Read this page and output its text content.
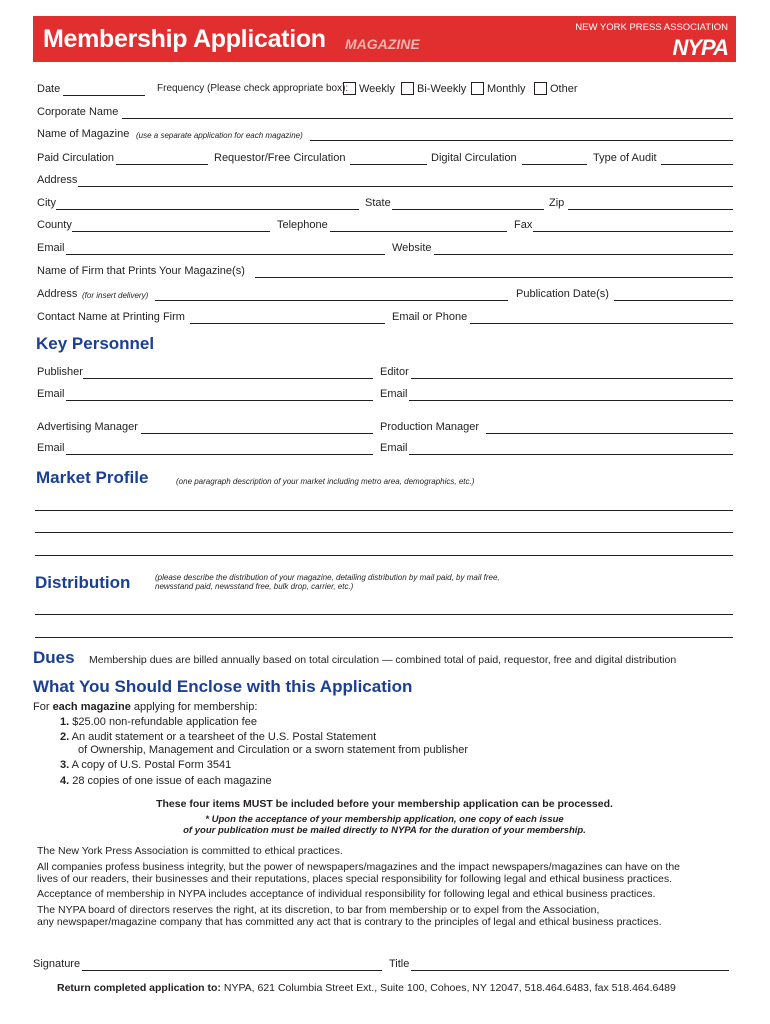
Membership Application MAGAZINE
NEW YORK PRESS ASSOCIATION
NYPA
Date	Frequency (Please check appropriate box): Weekly Bi-Weekly Monthly Other
Corporate Name
Name of Magazine (use a separate application for each magazine)
Paid Circulation	Requestor/Free Circulation	Digital Circulation	Type of Audit
Address
City	State	Zip
County	Telephone	Fax
Email	Website
Name of Firm that Prints Your Magazine(s)
Address (for insert delivery)	Publication Date(s)
Contact Name at Printing Firm	Email or Phone
Key Personnel
Publisher	Editor
Email	Email
Advertising Manager	Production Manager
Email	Email
Market Profile	(one paragraph description of your market including metro area, demographics, etc.)
Distribution	(please describe the distribution of your magazine, detailing distribution by mail paid, by mail free,
newsstand paid, newsstand free, bulk drop, carrier, etc.)
Dues Membership dues are billed annually based on total circulation — combined total of paid, requestor, free and digital distribution
What You Should Enclose with this Application
For each magazine applying for membership:
1. $25.00 non-refundable application fee
2. An audit statement or a tearsheet of the U.S. Postal Statement
of Ownership, Management and Circulation or a sworn statement from publisher
3. A copy of U.S. Postal Form 3541
4. 28 copies of one issue of each magazine
These four items MUST be included before your membership application can be processed.
* Upon the acceptance of your membership application, one copy of each issue
of your publication must be mailed directly to NYPA for the duration of your membership.
The New York Press Association is committed to ethical practices.
All companies profess business integrity, but the power of newspapers/magazines and the impact newspapers/magazines can have on the
lives of our readers, their businesses and their reputations, places special responsibility for following legal and ethical business practices.
Acceptance of membership in NYPA includes acceptance of individual responsibility for following legal and ethical business practices.
The NYPA board of directors reserves the right, at its discretion, to bar from membership or to expel from the Association,
any newspaper/magazine company that has committed any act that is contrary to the principles of legal and ethical business practices.
Signature	Title
Return completed application to: NYPA, 621 Columbia Street Ext., Suite 100, Cohoes, NY 12047, 518.464.6483, fax 518.464.6489
